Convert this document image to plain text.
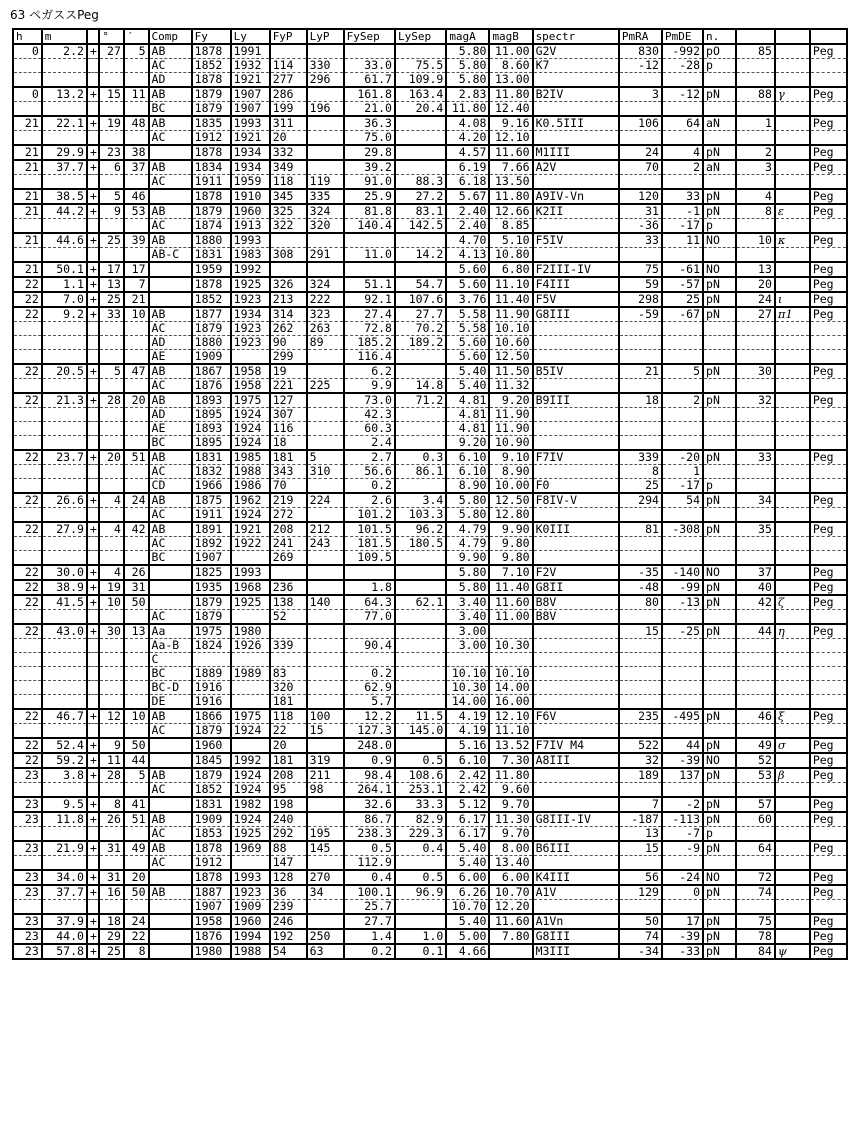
63 ペガススPeg
h	m		°	′	Comp	Fy	Ly	FyP	LyP	FySep	LySep	magA	magB	spectr	PmRA	PmDE	n.			
0	2.2	+	27	5	AB	1878	1991					5.80	11.00	G2V	830	-992	pO	85		Peg
					AC	1852	1932	114	330	33.0	75.5	5.80	8.60	K7	-12	-28	p			
					AD	1878	1921	277	296	61.7	109.9	5.80	13.00							
0	13.2	+	15	11	AB	1879	1907	286		161.8	163.4	2.83	11.80	B2IV	3	-12	pN	88	γ	Peg
					BC	1879	1907	199	196	21.0	20.4	11.80	12.40							
21	22.1	+	19	48	AB	1835	1993	311		36.3		4.08	9.16	K0.5III	106	64	aN	1		Peg
					AC	1912	1921	20		75.0		4.20	12.10							
21	29.9	+	23	38		1878	1934	332		29.8		4.57	11.60	M1III	24	4	pN	2		Peg
21	37.7	+	6	37	AB	1834	1934	349		39.2		6.19	7.66	A2V	70	2	aN	3		Peg
					AC	1911	1959	118	119	91.0	88.3	6.18	13.50							
21	38.5	+	5	46		1878	1910	345	335	25.9	27.2	5.67	11.80	A9IV-Vn	120	33	pN	4		Peg
21	44.2	+	9	53	AB	1879	1960	325	324	81.8	83.1	2.40	12.66	K2II	31	-1	pN	8	ε	Peg
					AC	1874	1913	322	320	140.4	142.5	2.40	8.85		-36	-17	p			
21	44.6	+	25	39	AB	1880	1993					4.70	5.10	F5IV	33	11	NO	10	κ	Peg
					AB-C	1831	1983	308	291	11.0	14.2	4.13	10.80							
21	50.1	+	17	17		1959	1992					5.60	6.80	F2III-IV	75	-61	NO	13		Peg
22	1.1	+	13	7		1878	1925	326	324	51.1	54.7	5.60	11.10	F4III	59	-57	pN	20		Peg
22	7.0	+	25	21		1852	1923	213	222	92.1	107.6	3.76	11.40	F5V	298	25	pN	24	ι	Peg
22	9.2	+	33	10	AB	1877	1934	314	323	27.4	27.7	5.58	11.90	G8III	-59	-67	pN	27	π1	Peg
					AC	1879	1923	262	263	72.8	70.2	5.58	10.10							
					AD	1880	1923	90	89	185.2	189.2	5.60	10.60							
					AE	1909		299		116.4		5.60	12.50							
22	20.5	+	5	47	AB	1867	1958	19		6.2		5.40	11.50	B5IV	21	5	pN	30		Peg
					AC	1876	1958	221	225	9.9	14.8	5.40	11.32							
22	21.3	+	28	20	AB	1893	1975	127		73.0	71.2	4.81	9.20	B9III	18	2	pN	32		Peg
					AD	1895	1924	307		42.3		4.81	11.90							
					AE	1893	1924	116		60.3		4.81	11.90							
					BC	1895	1924	18		2.4		9.20	10.90							
22	23.7	+	20	51	AB	1831	1985	181	5	2.7	0.3	6.10	9.10	F7IV	339	-20	pN	33		Peg
					AC	1832	1988	343	310	56.6	86.1	6.10	8.90		8	1				
					CD	1966	1986	70		0.2		8.90	10.00	F0	25	-17	p			
22	26.6	+	4	24	AB	1875	1962	219	224	2.6	3.4	5.80	12.50	F8IV-V	294	54	pN	34		Peg
					AC	1911	1924	272		101.2	103.3	5.80	12.80							
22	27.9	+	4	42	AB	1891	1921	208	212	101.5	96.2	4.79	9.90	K0III	81	-308	pN	35		Peg
					AC	1892	1922	241	243	181.5	180.5	4.79	9.80							
					BC	1907		269		109.5		9.90	9.80							
22	30.0	+	4	26		1825	1993					5.80	7.10	F2V	-35	-140	NO	37		Peg
22	38.9	+	19	31		1935	1968	236		1.8		5.80	11.40	G8II	-48	-99	pN	40		Peg
22	41.5	+	10	50		1879	1925	138	140	64.3	62.1	3.40	11.60	B8V	80	-13	pN	42	ζ	Peg
					AC	1879		52		77.0		3.40	11.00	B8V						
22	43.0	+	30	13	Aa	1975	1980					3.00			15	-25	pN	44	η	Peg
					Aa-B	1824	1926	339		90.4		3.00	10.30							
					C															
					BC	1889	1989	83		0.2		10.10	10.10							
					BC-D	1916		320		62.9		10.30	14.00							
					DE	1916		181		5.7		14.00	16.00							
22	46.7	+	12	10	AB	1866	1975	118	100	12.2	11.5	4.19	12.10	F6V	235	-495	pN	46	ξ	Peg
					AC	1879	1924	22	15	127.3	145.0	4.19	11.10							
22	52.4	+	9	50		1960		20		248.0		5.16	13.52	F7IV M4	522	44	pN	49	σ	Peg
22	59.2	+	11	44		1845	1992	181	319	0.9	0.5	6.10	7.30	A8III	32	-39	NO	52		Peg
23	3.8	+	28	5	AB	1879	1924	208	211	98.4	108.6	2.42	11.80		189	137	pN	53	β	Peg
					AC	1852	1924	95	98	264.1	253.1	2.42	9.60							
23	9.5	+	8	41		1831	1982	198		32.6	33.3	5.12	9.70		7	-2	pN	57		Peg
23	11.8	+	26	51	AB	1909	1924	240		86.7	82.9	6.17	11.30	G8III-IV	-187	-113	pN	60		Peg
					AC	1853	1925	292	195	238.3	229.3	6.17	9.70		13	-7	p			
23	21.9	+	31	49	AB	1878	1969	88	145	0.5	0.4	5.40	8.00	B6III	15	-9	pN	64		Peg
					AC	1912		147		112.9		5.40	13.40							
23	34.0	+	31	20		1878	1993	128	270	0.4	0.5	6.00	6.00	K4III	56	-24	NO	72		Peg
23	37.7	+	16	50	AB	1887	1923	36	34	100.1	96.9	6.26	10.70	A1V	129	0	pN	74		Peg
						1907	1909	239		25.7		10.70	12.20							
23	37.9	+	18	24		1958	1960	246		27.7		5.40	11.60	A1Vn	50	17	pN	75		Peg
23	44.0	+	29	22		1876	1994	192	250	1.4	1.0	5.00	7.80	G8III	74	-39	pN	78		Peg
23	57.8	+	25	8		1980	1988	54	63	0.2	0.1	4.66		M3III	-34	-33	pN	84	ψ	Peg
